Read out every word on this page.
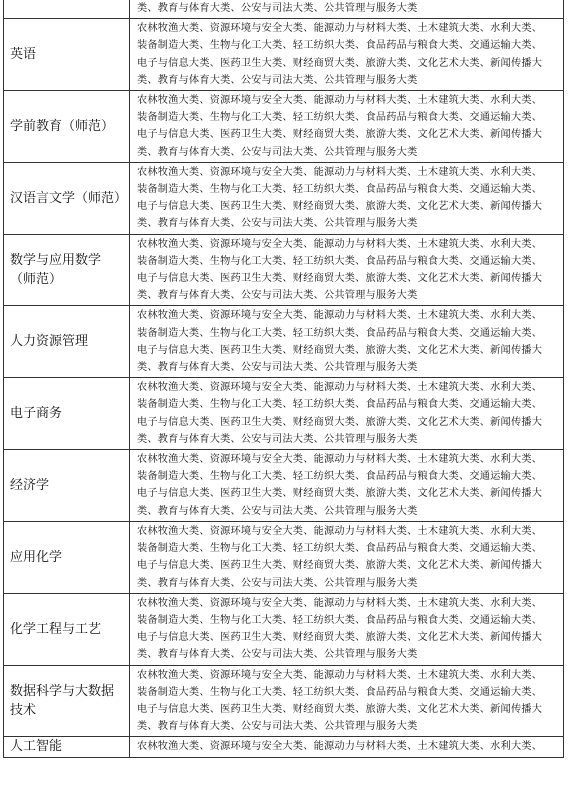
	类、教育与体育大类、公安与司法大类、公共管理与服务大类

英语	农林牧渔大类、资源环境与安全大类、能源动力与材料大类、土木建筑大类、水利大类、
装备制造大类、生物与化工大类、轻工纺织大类、食品药品与粮食大类、交通运输大类、
电子与信息大类、医药卫生大类、财经商贸大类、旅游大类、文化艺术大类、新闻传播大
类、教育与体育大类、公安与司法大类、公共管理与服务大类

学前教育（师范）	农林牧渔大类、资源环境与安全大类、能源动力与材料大类、土木建筑大类、水利大类、
装备制造大类、生物与化工大类、轻工纺织大类、食品药品与粮食大类、交通运输大类、
电子与信息大类、医药卫生大类、财经商贸大类、旅游大类、文化艺术大类、新闻传播大
类、教育与体育大类、公安与司法大类、公共管理与服务大类

汉语言文学（师范）	农林牧渔大类、资源环境与安全大类、能源动力与材料大类、土木建筑大类、水利大类、
装备制造大类、生物与化工大类、轻工纺织大类、食品药品与粮食大类、交通运输大类、
电子与信息大类、医药卫生大类、财经商贸大类、旅游大类、文化艺术大类、新闻传播大
类、教育与体育大类、公安与司法大类、公共管理与服务大类

数学与应用数学（师范）	农林牧渔大类、资源环境与安全大类、能源动力与材料大类、土木建筑大类、水利大类、
装备制造大类、生物与化工大类、轻工纺织大类、食品药品与粮食大类、交通运输大类、
电子与信息大类、医药卫生大类、财经商贸大类、旅游大类、文化艺术大类、新闻传播大
类、教育与体育大类、公安与司法大类、公共管理与服务大类

人力资源管理	农林牧渔大类、资源环境与安全大类、能源动力与材料大类、土木建筑大类、水利大类、
装备制造大类、生物与化工大类、轻工纺织大类、食品药品与粮食大类、交通运输大类、
电子与信息大类、医药卫生大类、财经商贸大类、旅游大类、文化艺术大类、新闻传播大
类、教育与体育大类、公安与司法大类、公共管理与服务大类

电子商务	农林牧渔大类、资源环境与安全大类、能源动力与材料大类、土木建筑大类、水利大类、
装备制造大类、生物与化工大类、轻工纺织大类、食品药品与粮食大类、交通运输大类、
电子与信息大类、医药卫生大类、财经商贸大类、旅游大类、文化艺术大类、新闻传播大
类、教育与体育大类、公安与司法大类、公共管理与服务大类

经济学	农林牧渔大类、资源环境与安全大类、能源动力与材料大类、土木建筑大类、水利大类、
装备制造大类、生物与化工大类、轻工纺织大类、食品药品与粮食大类、交通运输大类、
电子与信息大类、医药卫生大类、财经商贸大类、旅游大类、文化艺术大类、新闻传播大
类、教育与体育大类、公安与司法大类、公共管理与服务大类

应用化学	农林牧渔大类、资源环境与安全大类、能源动力与材料大类、土木建筑大类、水利大类、
装备制造大类、生物与化工大类、轻工纺织大类、食品药品与粮食大类、交通运输大类、
电子与信息大类、医药卫生大类、财经商贸大类、旅游大类、文化艺术大类、新闻传播大
类、教育与体育大类、公安与司法大类、公共管理与服务大类

化学工程与工艺	农林牧渔大类、资源环境与安全大类、能源动力与材料大类、土木建筑大类、水利大类、
装备制造大类、生物与化工大类、轻工纺织大类、食品药品与粮食大类、交通运输大类、
电子与信息大类、医药卫生大类、财经商贸大类、旅游大类、文化艺术大类、新闻传播大
类、教育与体育大类、公安与司法大类、公共管理与服务大类

数据科学与大数据技术	农林牧渔大类、资源环境与安全大类、能源动力与材料大类、土木建筑大类、水利大类、
装备制造大类、生物与化工大类、轻工纺织大类、食品药品与粮食大类、交通运输大类、
电子与信息大类、医药卫生大类、财经商贸大类、旅游大类、文化艺术大类、新闻传播大
类、教育与体育大类、公安与司法大类、公共管理与服务大类

人工智能	农林牧渔大类、资源环境与安全大类、能源动力与材料大类、土木建筑大类、水利大类、
